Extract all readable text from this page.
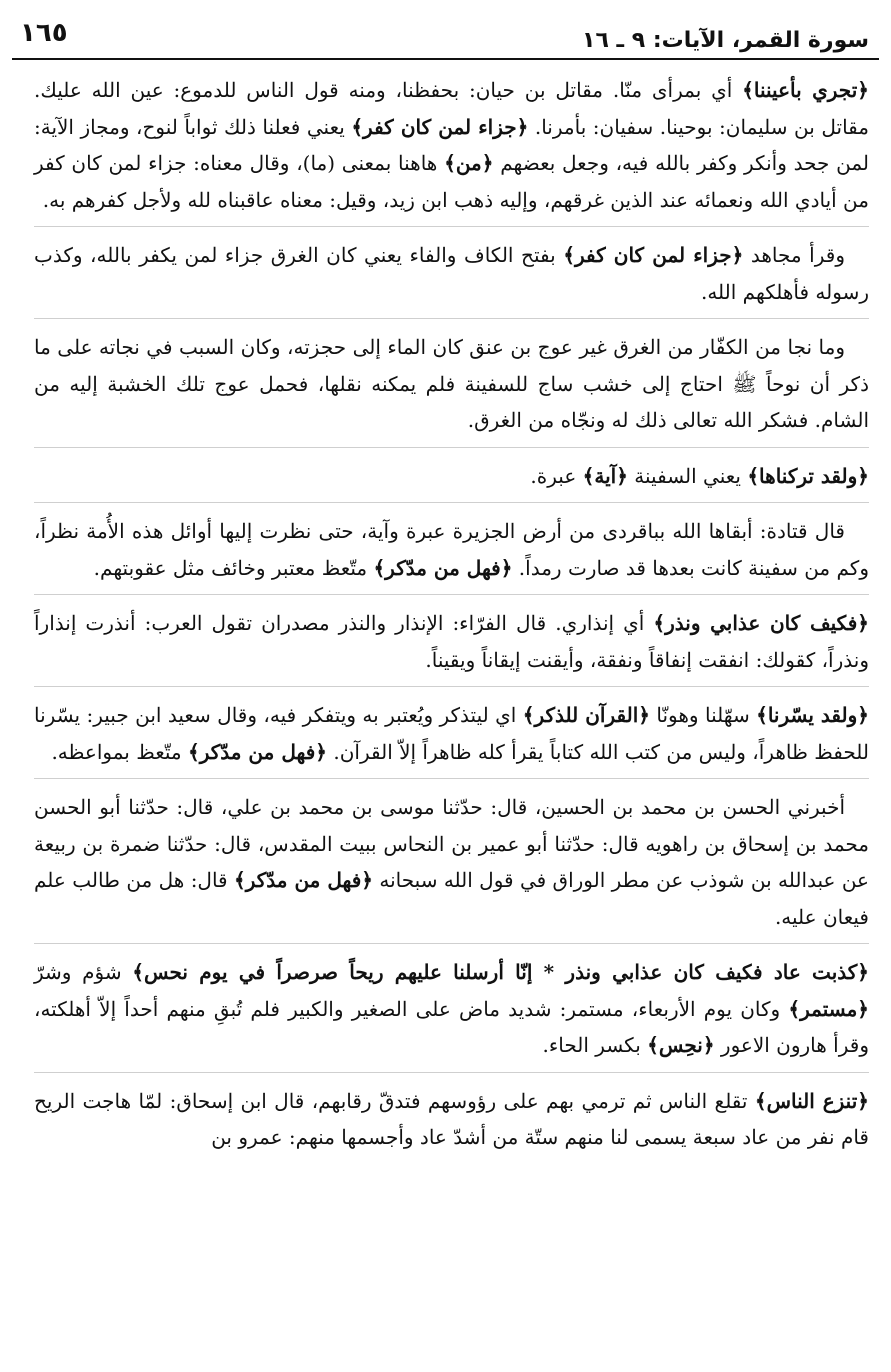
سورة القمر، الآيات: ٩ ـ ١٦
١٦٥

﴿تجري بأعيننا﴾ أي بمرأى منّا. مقاتل بن حيان: بحفظنا، ومنه قول الناس للدموع: عين الله عليك. مقاتل بن سليمان: بوحينا. سفيان: بأمرنا. ﴿جزاء لمن كان كفر﴾ يعني فعلنا ذلك ثواباً لنوح، ومجاز الآية: لمن جحد وأنكر وكفر بالله فيه، وجعل بعضهم ﴿من﴾ هاهنا بمعنى (ما)، وقال معناه: جزاء لمن كان كفر من أيادي الله ونعمائه عند الذين غرقهم، وإليه ذهب ابن زيد، وقيل: معناه عاقبناه لله ولأجل كفرهم به.

وقرأ مجاهد ﴿جزاء لمن كان كفر﴾ بفتح الكاف والفاء يعني كان الغرق جزاء لمن يكفر بالله، وكذب رسوله فأهلكهم الله.

وما نجا من الكفّار من الغرق غير عوج بن عنق كان الماء إلى حجزته، وكان السبب في نجاته على ما ذكر أن نوحاً ﷺ احتاج إلى خشب ساج للسفينة فلم يمكنه نقلها، فحمل عوج تلك الخشبة إليه من الشام. فشكر الله تعالى ذلك له ونجّاه من الغرق.

﴿ولقد تركناها﴾ يعني السفينة ﴿آية﴾ عبرة.

قال قتادة: أبقاها الله بباقردى من أرض الجزيرة عبرة وآية، حتى نظرت إليها أوائل هذه الأُمة نظراً، وكم من سفينة كانت بعدها قد صارت رمداً. ﴿فهل من مدّكر﴾ متّعظ معتبر وخائف مثل عقوبتهم.

﴿فكيف كان عذابي ونذر﴾ أي إنذاري. قال الفرّاء: الإنذار والنذر مصدران تقول العرب: أنذرت إنذاراً ونذراً، كقولك: انفقت إنفاقاً ونفقة، وأيقنت إيقاناً ويقيناً.

﴿ولقد يسّرنا﴾ سهّلنا وهونّا ﴿القرآن للذكر﴾ اي ليتذكر ويُعتبر به ويتفكر فيه، وقال سعيد ابن جبير: يسّرنا للحفظ ظاهراً، وليس من كتب الله كتاباً يقرأ كله ظاهراً إلاّ القرآن. ﴿فهل من مدّكر﴾ متّعظ بمواعظه.

أخبرني الحسن بن محمد بن الحسين، قال: حدّثنا موسى بن محمد بن علي، قال: حدّثنا أبو الحسن محمد بن إسحاق بن راهويه قال: حدّثنا أبو عمير بن النحاس ببيت المقدس، قال: حدّثنا ضمرة بن ربيعة عن عبدالله بن شوذب عن مطر الوراق في قول الله سبحانه ﴿فهل من مدّكر﴾ قال: هل من طالب علم فيعان عليه.

﴿كذبت عاد فكيف كان عذابي ونذر * إنّا أرسلنا عليهم ريحاً صرصراً في يوم نحس﴾ شؤم وشرّ ﴿مستمر﴾ وكان يوم الأربعاء، مستمر: شديد ماض على الصغير والكبير فلم تُبقِ منهم أحداً إلاّ أهلكته، وقرأ هارون الاعور ﴿نحِس﴾ بكسر الحاء.

﴿تنزع الناس﴾ تقلع الناس ثم ترمي بهم على رؤوسهم فتدقّ رقابهم، قال ابن إسحاق: لمّا هاجت الريح قام نفر من عاد سبعة يسمى لنا منهم ستّة من أشدّ عاد وأجسمها منهم: عمرو بن
